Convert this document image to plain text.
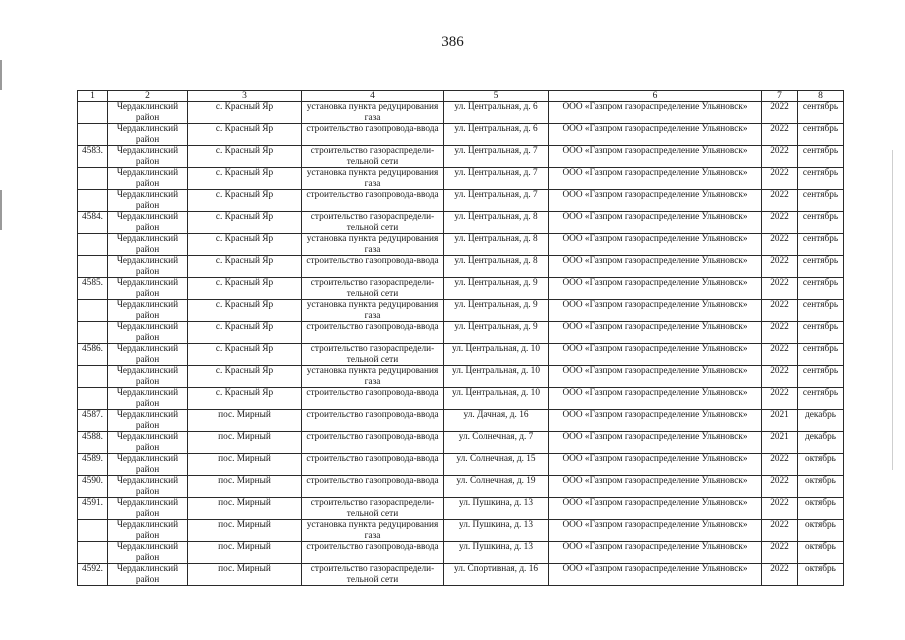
386
1	2	3	4	5	6	7	8
	Чердаклинский район	с. Красный Яр	установка пункта редуцирования газа	ул. Центральная, д. 6	ООО «Газпром газораспределение Ульяновск»	2022	сентябрь
	Чердаклинский район	с. Красный Яр	строительство газопровода-ввода	ул. Центральная, д. 6	ООО «Газпром газораспределение Ульяновск»	2022	сентябрь
4583.	Чердаклинский район	с. Красный Яр	строительство газораспредели-тельной сети	ул. Центральная, д. 7	ООО «Газпром газораспределение Ульяновск»	2022	сентябрь
	Чердаклинский район	с. Красный Яр	установка пункта редуцирования газа	ул. Центральная, д. 7	ООО «Газпром газораспределение Ульяновск»	2022	сентябрь
	Чердаклинский район	с. Красный Яр	строительство газопровода-ввода	ул. Центральная, д. 7	ООО «Газпром газораспределение Ульяновск»	2022	сентябрь
4584.	Чердаклинский район	с. Красный Яр	строительство газораспредели-тельной сети	ул. Центральная, д. 8	ООО «Газпром газораспределение Ульяновск»	2022	сентябрь
	Чердаклинский район	с. Красный Яр	установка пункта редуцирования газа	ул. Центральная, д. 8	ООО «Газпром газораспределение Ульяновск»	2022	сентябрь
	Чердаклинский район	с. Красный Яр	строительство газопровода-ввода	ул. Центральная, д. 8	ООО «Газпром газораспределение Ульяновск»	2022	сентябрь
4585.	Чердаклинский район	с. Красный Яр	строительство газораспредели-тельной сети	ул. Центральная, д. 9	ООО «Газпром газораспределение Ульяновск»	2022	сентябрь
	Чердаклинский район	с. Красный Яр	установка пункта редуцирования газа	ул. Центральная, д. 9	ООО «Газпром газораспределение Ульяновск»	2022	сентябрь
	Чердаклинский район	с. Красный Яр	строительство газопровода-ввода	ул. Центральная, д. 9	ООО «Газпром газораспределение Ульяновск»	2022	сентябрь
4586.	Чердаклинский район	с. Красный Яр	строительство газораспредели-тельной сети	ул. Центральная, д. 10	ООО «Газпром газораспределение Ульяновск»	2022	сентябрь
	Чердаклинский район	с. Красный Яр	установка пункта редуцирования газа	ул. Центральная, д. 10	ООО «Газпром газораспределение Ульяновск»	2022	сентябрь
	Чердаклинский район	с. Красный Яр	строительство газопровода-ввода	ул. Центральная, д. 10	ООО «Газпром газораспределение Ульяновск»	2022	сентябрь
4587.	Чердаклинский район	пос. Мирный	строительство газопровода-ввода	ул. Дачная, д. 16	ООО «Газпром газораспределение Ульяновск»	2021	декабрь
4588.	Чердаклинский район	пос. Мирный	строительство газопровода-ввода	ул. Солнечная, д. 7	ООО «Газпром газораспределение Ульяновск»	2021	декабрь
4589.	Чердаклинский район	пос. Мирный	строительство газопровода-ввода	ул. Солнечная, д. 15	ООО «Газпром газораспределение Ульяновск»	2022	октябрь
4590.	Чердаклинский район	пос. Мирный	строительство газопровода-ввода	ул. Солнечная, д. 19	ООО «Газпром газораспределение Ульяновск»	2022	октябрь
4591.	Чердаклинский район	пос. Мирный	строительство газораспредели-тельной сети	ул. Пушкина, д. 13	ООО «Газпром газораспределение Ульяновск»	2022	октябрь
	Чердаклинский район	пос. Мирный	установка пункта редуцирования газа	ул. Пушкина, д. 13	ООО «Газпром газораспределение Ульяновск»	2022	октябрь
	Чердаклинский район	пос. Мирный	строительство газопровода-ввода	ул. Пушкина, д. 13	ООО «Газпром газораспределение Ульяновск»	2022	октябрь
4592.	Чердаклинский район	пос. Мирный	строительство газораспредели-тельной сети	ул. Спортивная, д. 16	ООО «Газпром газораспределение Ульяновск»	2022	октябрь
